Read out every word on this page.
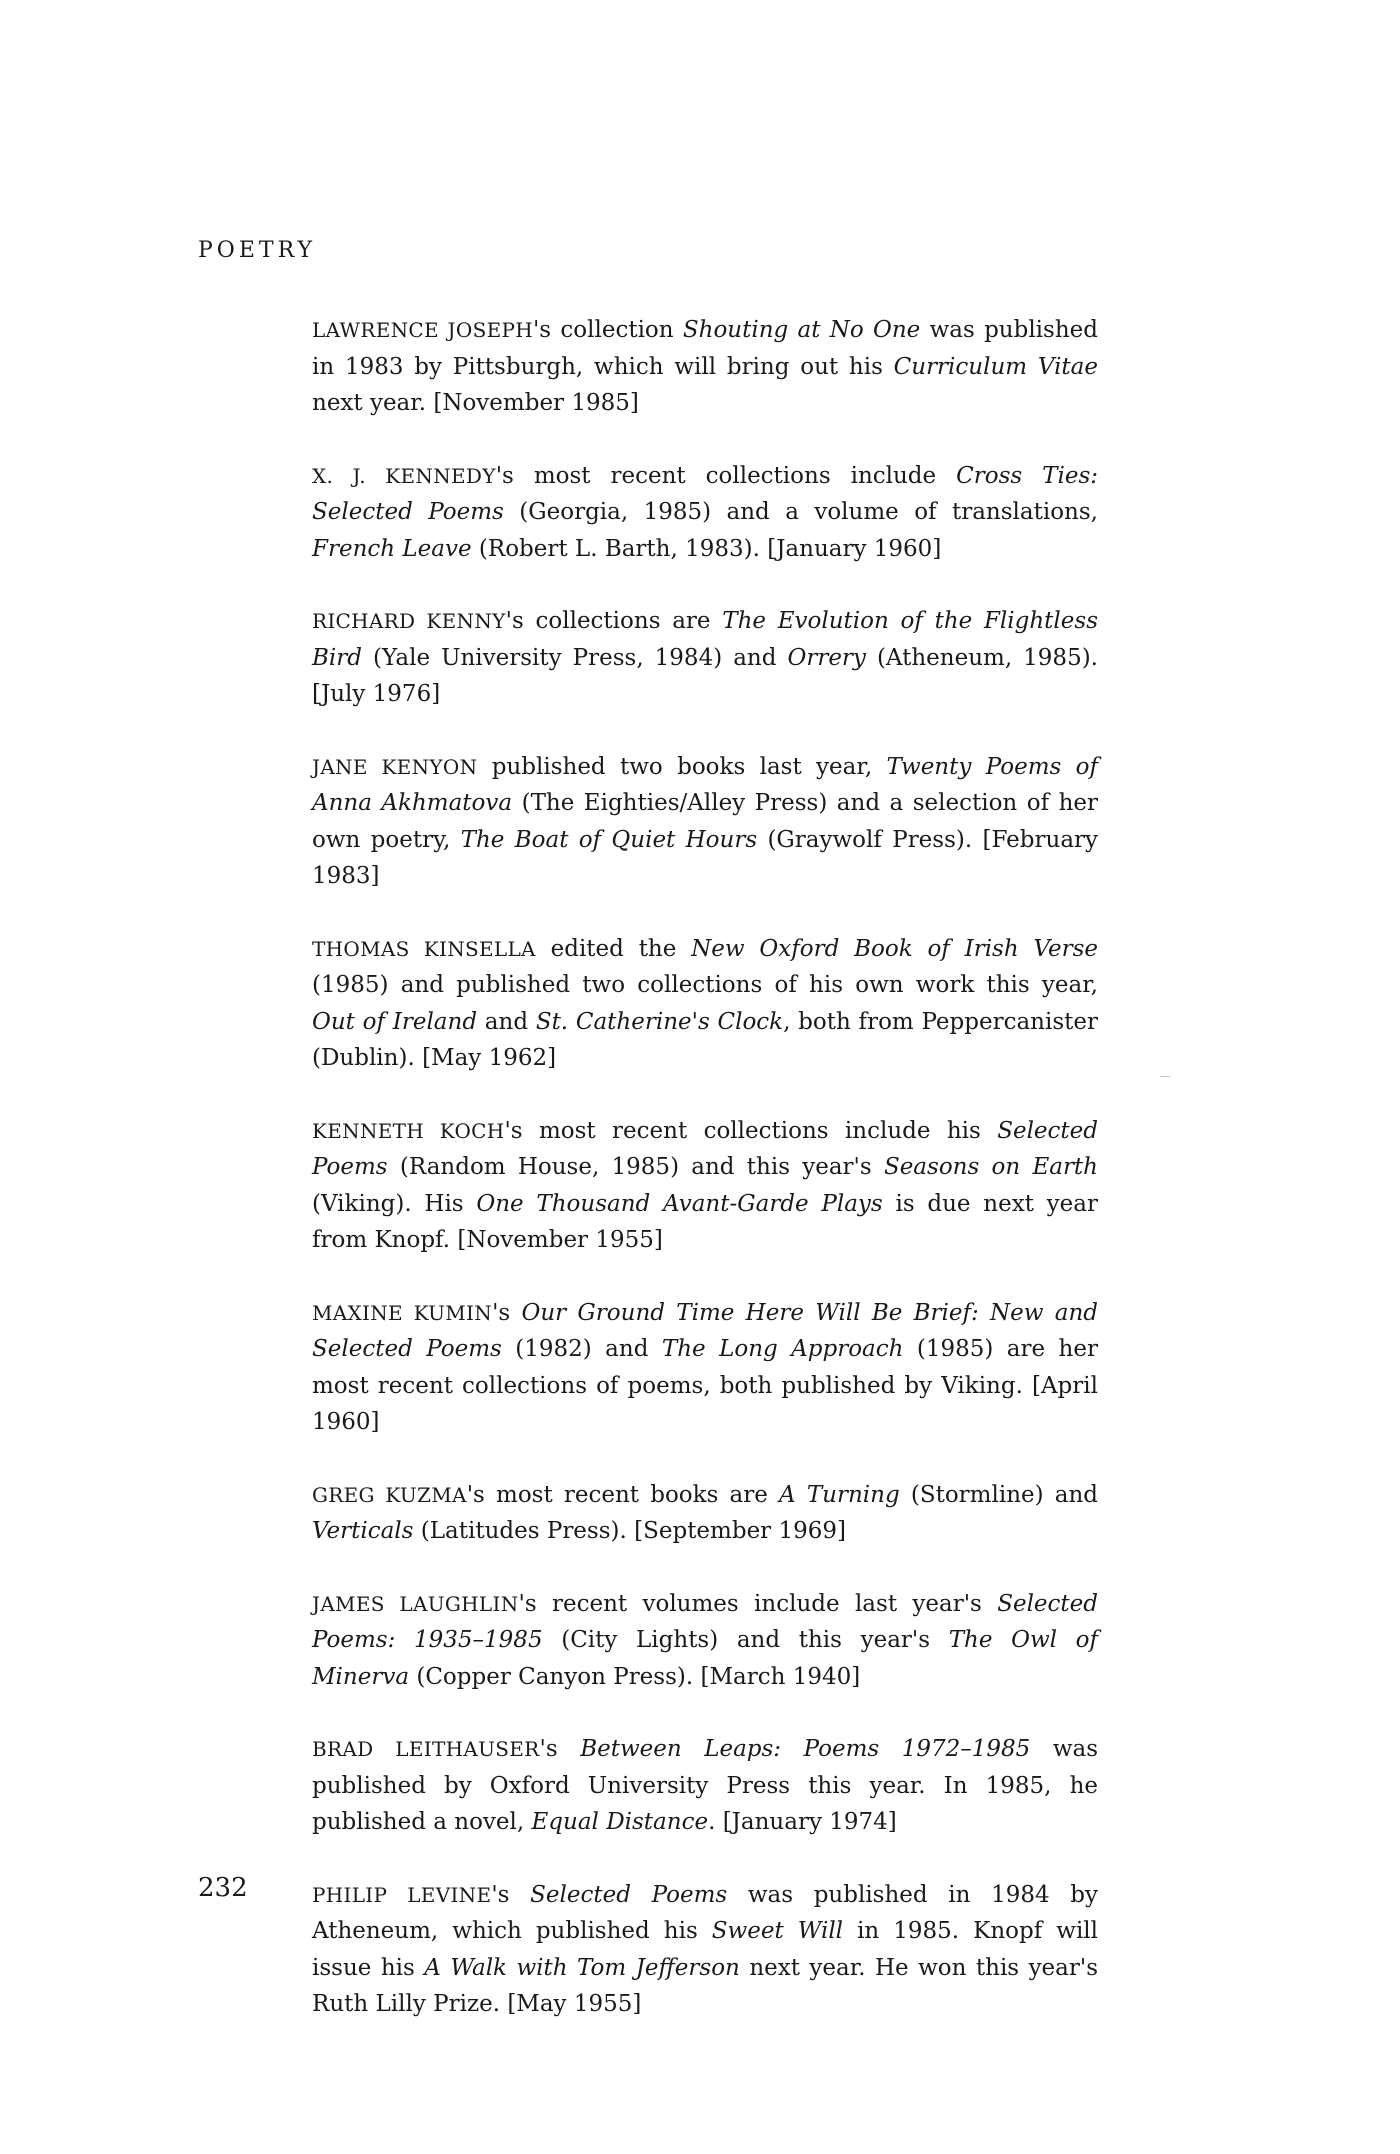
POETRY

LAWRENCE JOSEPH's collection Shouting at No One was published in 1983 by Pittsburgh, which will bring out his Curriculum Vitae next year. [November 1985]

X. J. KENNEDY's most recent collections include Cross Ties: Selected Poems (Georgia, 1985) and a volume of translations, French Leave (Robert L. Barth, 1983). [January 1960]

RICHARD KENNY's collections are The Evolution of the Flightless Bird (Yale University Press, 1984) and Orrery (Atheneum, 1985). [July 1976]

JANE KENYON published two books last year, Twenty Poems of Anna Akhmatova (The Eighties/Alley Press) and a selection of her own poetry, The Boat of Quiet Hours (Graywolf Press). [February 1983]

THOMAS KINSELLA edited the New Oxford Book of Irish Verse (1985) and published two collections of his own work this year, Out of Ireland and St. Catherine's Clock, both from Peppercanister (Dublin). [May 1962]

KENNETH KOCH's most recent collections include his Selected Poems (Random House, 1985) and this year's Seasons on Earth (Viking). His One Thousand Avant-Garde Plays is due next year from Knopf. [November 1955]

MAXINE KUMIN's Our Ground Time Here Will Be Brief: New and Selected Poems (1982) and The Long Approach (1985) are her most recent collections of poems, both published by Viking. [April 1960]

GREG KUZMA's most recent books are A Turning (Stormline) and Verticals (Latitudes Press). [September 1969]

JAMES LAUGHLIN's recent volumes include last year's Selected Poems: 1935–1985 (City Lights) and this year's The Owl of Minerva (Copper Canyon Press). [March 1940]

BRAD LEITHAUSER's Between Leaps: Poems 1972–1985 was published by Oxford University Press this year. In 1985, he published a novel, Equal Distance. [January 1974]

PHILIP LEVINE's Selected Poems was published in 1984 by Atheneum, which published his Sweet Will in 1985. Knopf will issue his A Walk with Tom Jefferson next year. He won this year's Ruth Lilly Prize. [May 1955]

232
